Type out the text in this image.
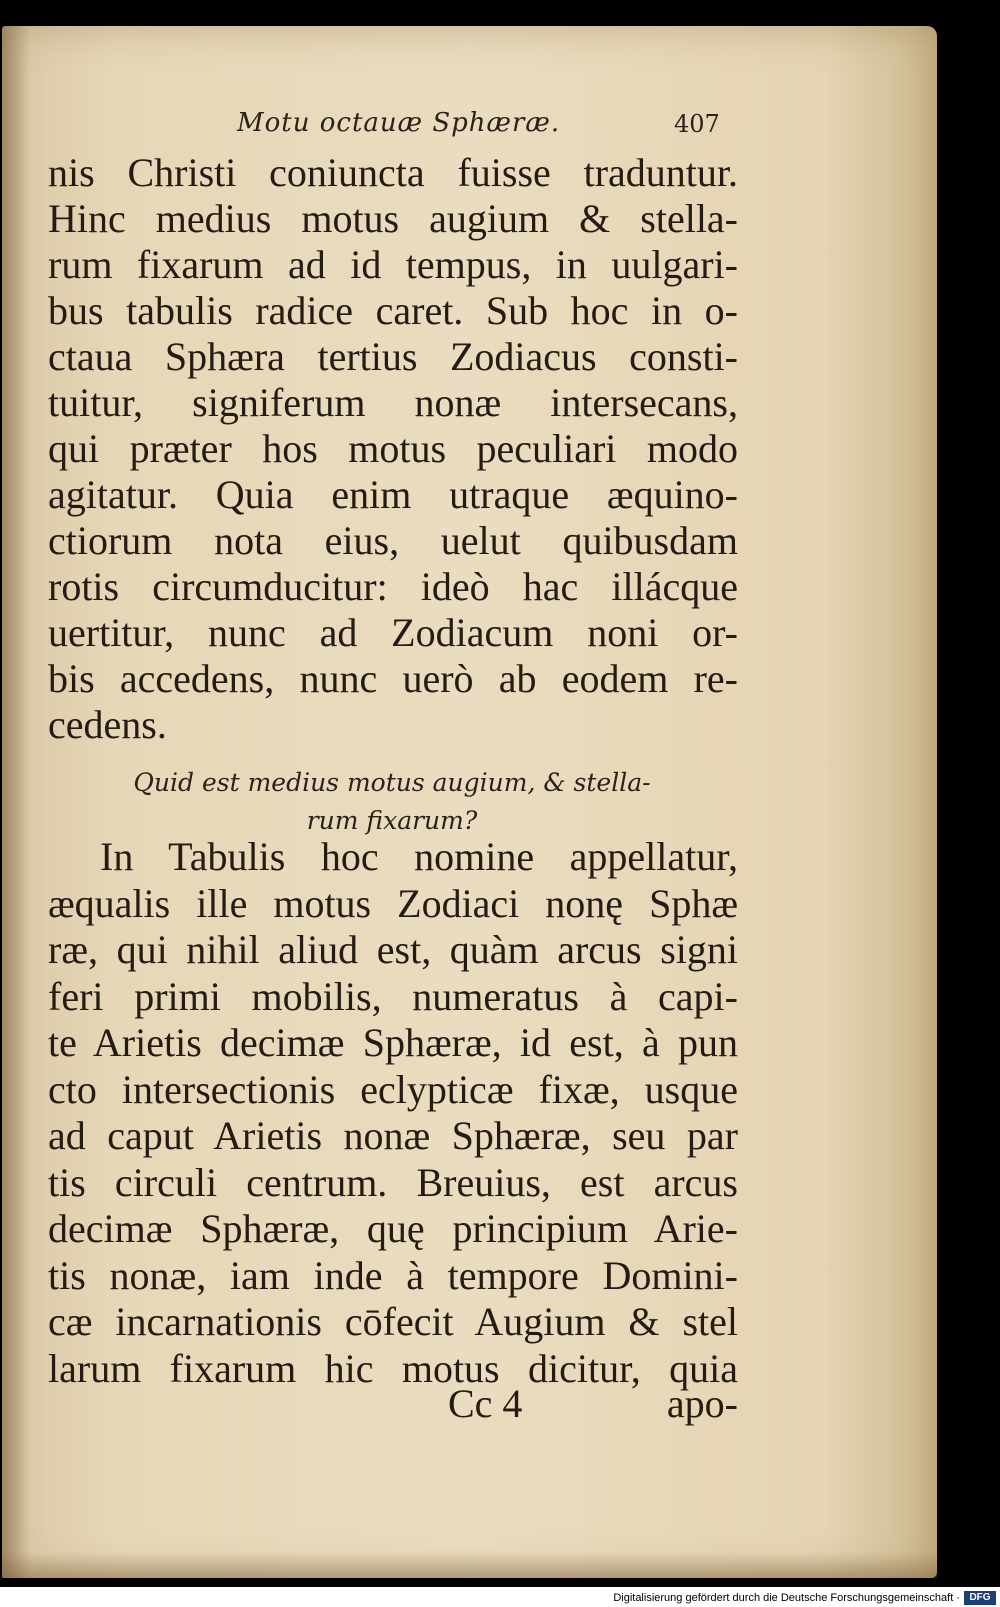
Motu octauæ Sphæræ.	407
nis Christi coniuncta fuisse traduntur.
Hinc medius motus augium & stella-
rum fixarum ad id tempus, in uulgari-
bus tabulis radice caret. Sub hoc in o-
ctaua Sphæra tertius Zodiacus consti-
tuitur, signiferum nonæ intersecans,
qui præter hos motus peculiari modo
agitatur. Quia enim utraque æquino-
ctiorum nota eius, uelut quibusdam
rotis circumducitur: ideò hac illácque
uertitur, nunc ad Zodiacum noni or-
bis accedens, nunc uerò ab eodem re-
cedens.
Quid est medius motus augium, & stella-
rum fixarum?
In Tabulis hoc nomine appellatur,
æqualis ille motus Zodiaci nonę Sphæ
ræ, qui nihil aliud est, quàm arcus signi
feri primi mobilis, numeratus à capi-
te Arietis decimæ Sphæræ, id est, à pun
cto intersectionis eclypticæ fixæ, usque
ad caput Arietis nonæ Sphæræ, seu par
tis circuli centrum. Breuius, est arcus
decimæ Sphæræ, quę principium Arie-
tis nonæ, iam inde à tempore Domini-
cæ incarnationis cōfecit Augium & stel
larum fixarum hic motus dicitur, quia
Cc 4	apo-
Digitalisierung gefördert durch die Deutsche Forschungsgemeinschaft · DFG
